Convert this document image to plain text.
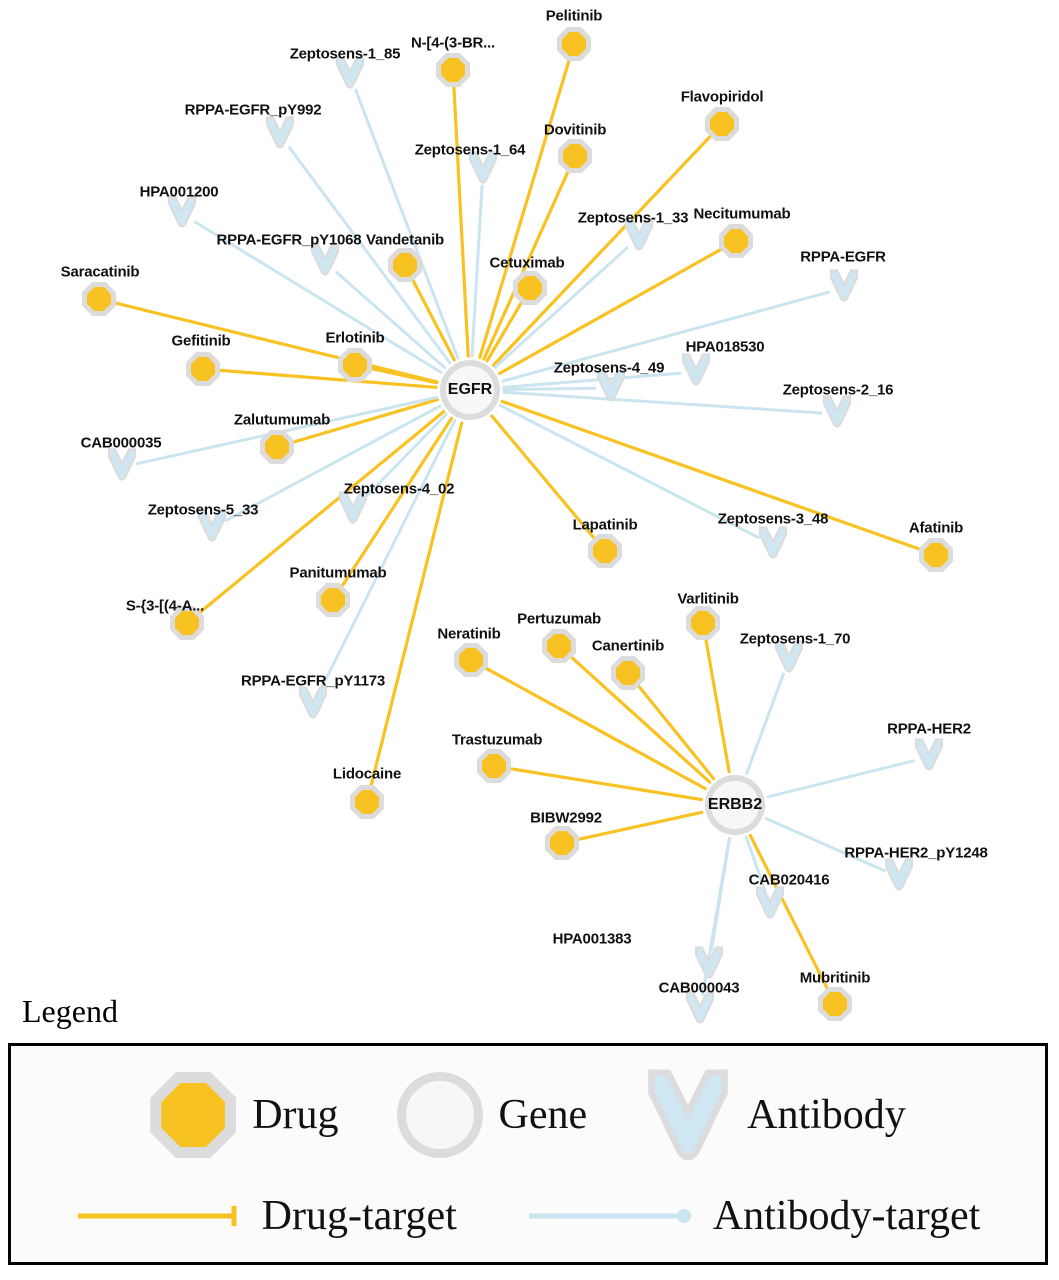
Pelitinib
N-[4-(3-BR...
Flavopiridol
Dovitinib
Necitumumab
Vandetanib
Cetuximab
Saracatinib
Erlotinib
Gefitinib
Zalutumumab
Afatinib
Lapatinib
Varlitinib
Panitumumab
S-{3-[(4-A...
Pertuzumab
Neratinib
Canertinib
Trastuzumab
Lidocaine
BIBW2992
Mubritinib
Zeptosens-1_85
RPPA-EGFR_pY992
Zeptosens-1_64
HPA001200
Zeptosens-1_33
RPPA-EGFR_pY1068
RPPA-EGFR
HPA018530
Zeptosens-4_49
Zeptosens-2_16
CAB000035
Zeptosens-4_02
Zeptosens-5_33
Zeptosens-3_48
Zeptosens-1_70
RPPA-EGFR_pY1173
RPPA-HER2
RPPA-HER2_pY1248
CAB020416
HPA001383
CAB000043
EGFR
ERBB2
Legend
Drug	Gene	Antibody
Drug-target	Antibody-target
